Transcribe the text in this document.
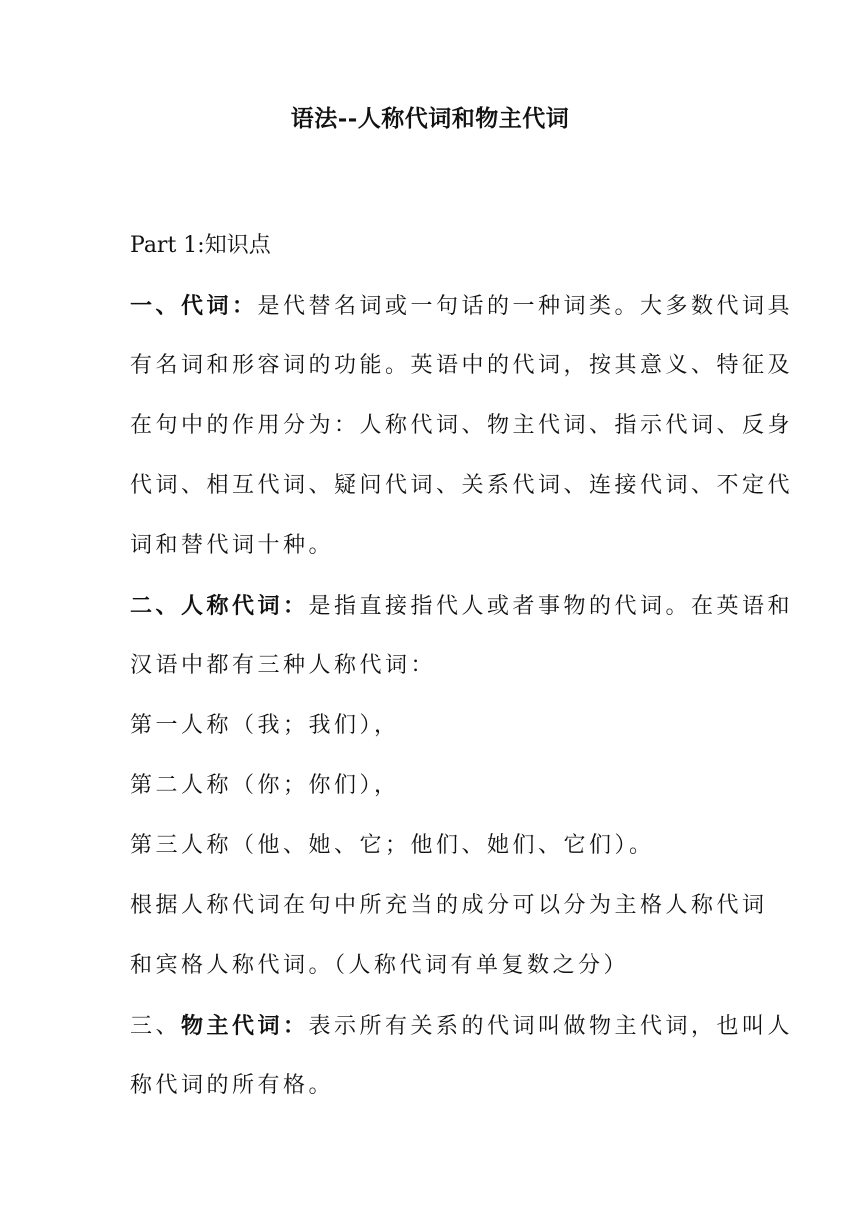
语法--人称代词和物主代词

Part 1:知识点

一、代词：是代替名词或一句话的一种词类。大多数代词具

有名词和形容词的功能。英语中的代词，按其意义、特征及

在句中的作用分为：人称代词、物主代词、指示代词、反身

代词、相互代词、疑问代词、关系代词、连接代词、不定代

词和替代词十种。

二、人称代词：是指直接指代人或者事物的代词。在英语和

汉语中都有三种人称代词：

第一人称（我；我们），

第二人称（你；你们），

第三人称（他、她、它；他们、她们、它们）。

根据人称代词在句中所充当的成分可以分为主格人称代词

和宾格人称代词。（人称代词有单复数之分）

三、物主代词：表示所有关系的代词叫做物主代词，也叫人

称代词的所有格。
